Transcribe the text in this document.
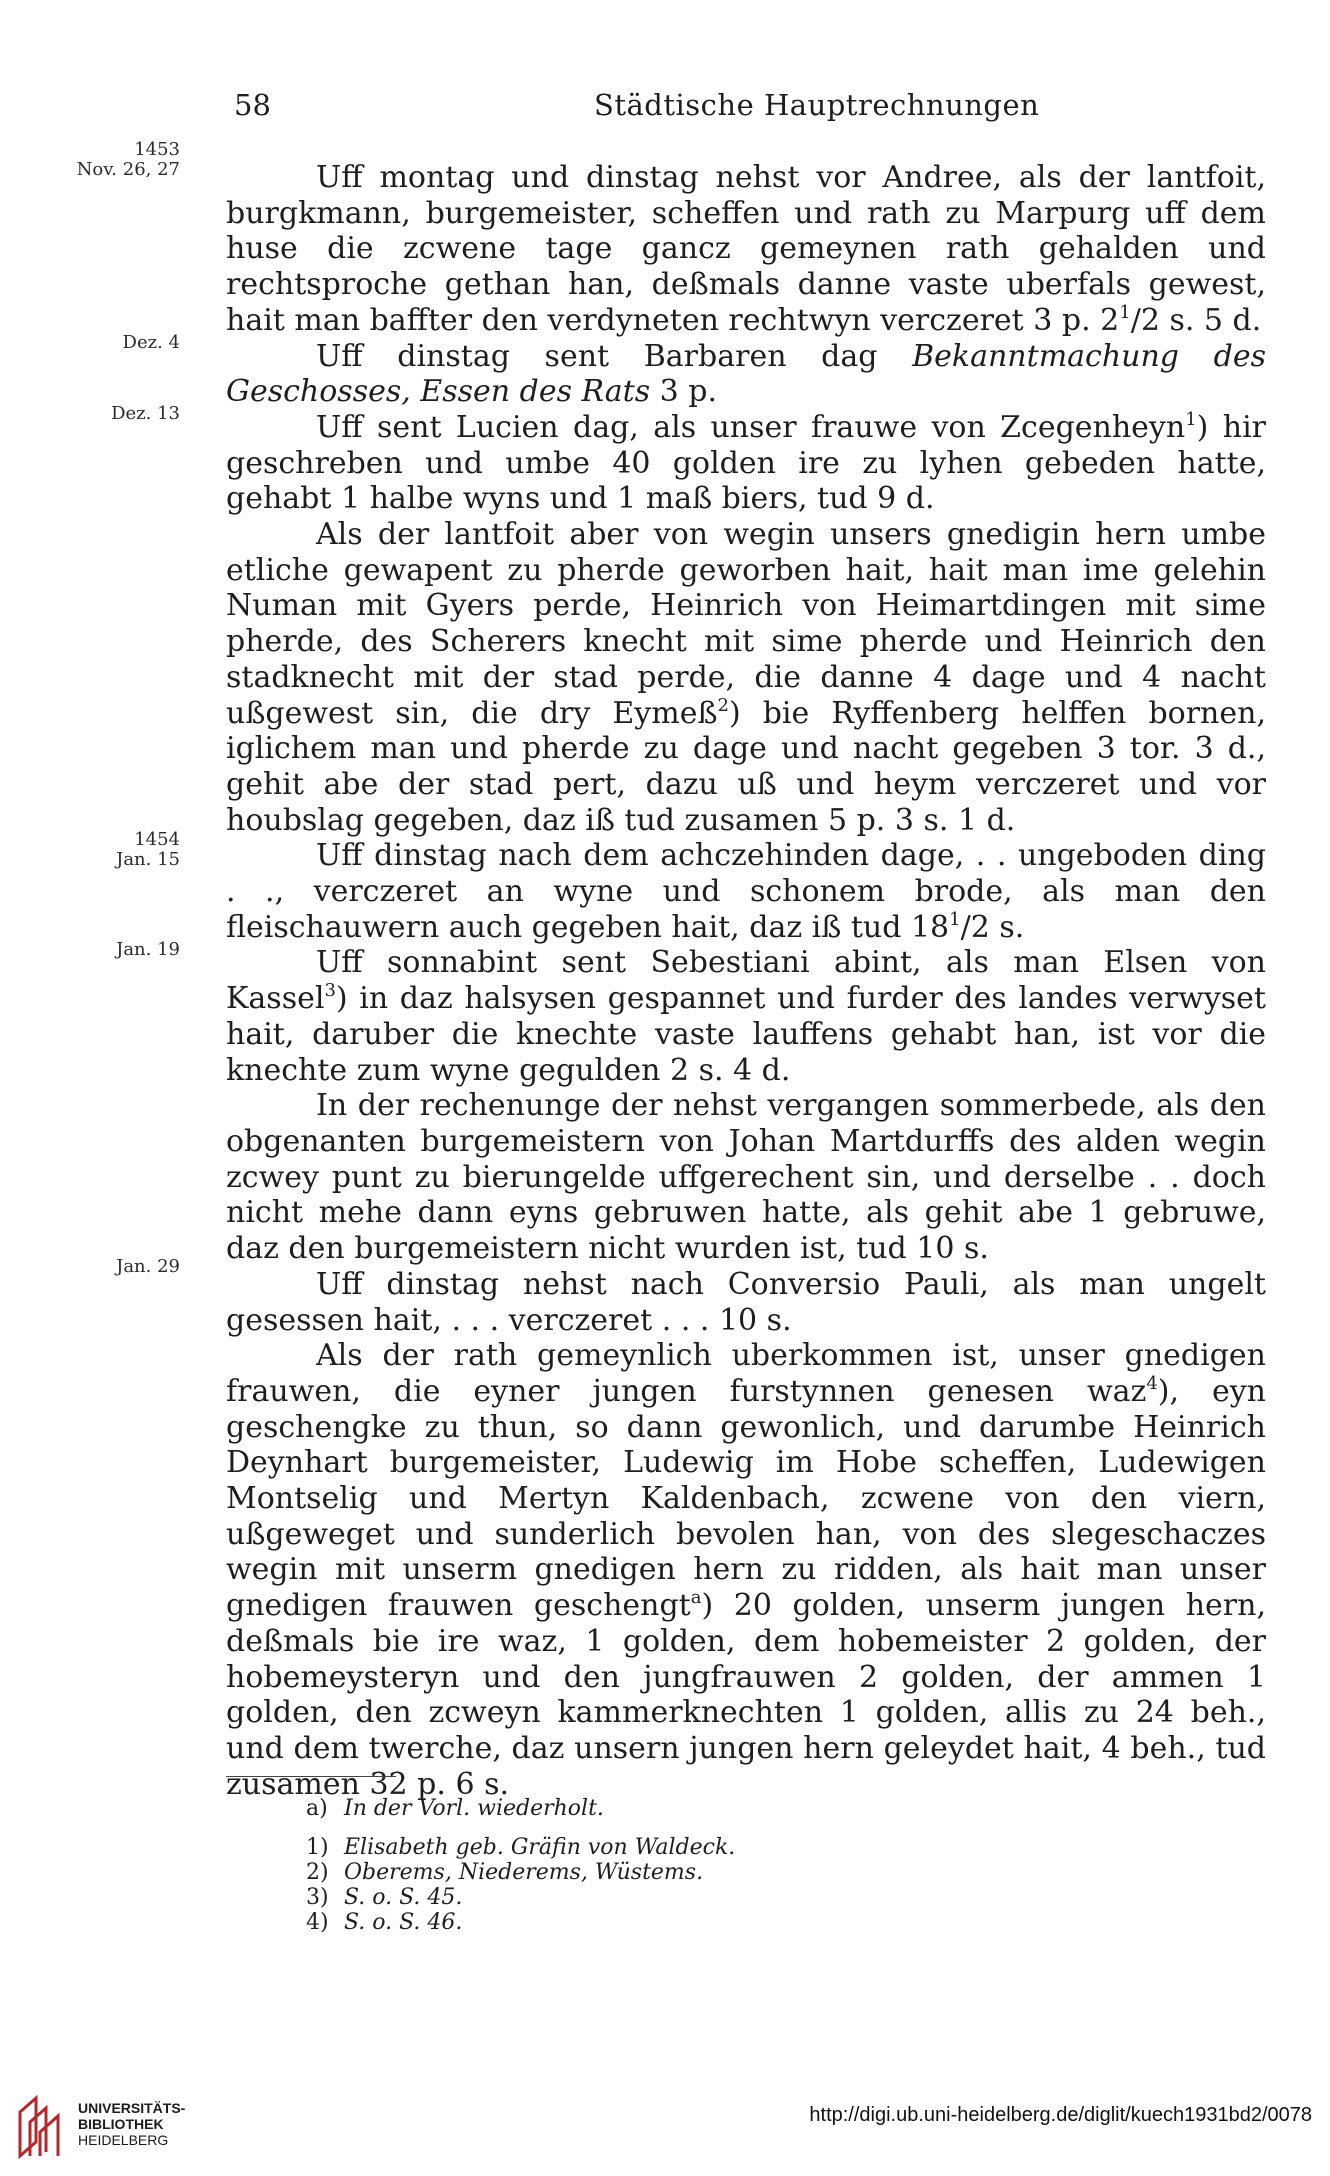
58	Städtische Hauptrechnungen
1453
Nov. 26, 27
Dez. 4
Dez. 13
1454
Jan. 15
Jan. 19
Jan. 29

Uff montag und dinstag nehst vor Andree, als der lantfoit, burgkmann, burgemeister, scheffen und rath zu Marpurg uff dem huse die zcwene tage gancz gemeynen rath gehalden und rechtsproche gethan han, deßmals danne vaste uberfals gewest, hait man baffter den verdyneten rechtwyn verczeret 3 p. $2^1/2$ s. 5 d.

Uff dinstag sent Barbaren dag Bekanntmachung des Geschosses, Essen des Rats 3 p.

Uff sent Lucien dag, als unser frauwe von Zcegenheyn$^1$) hir geschreben und umbe 40 golden ire zu lyhen gebeden hatte, gehabt 1 halbe wyns und 1 maß biers, tud 9 d.

Als der lantfoit aber von wegin unsers gnedigin hern umbe etliche gewapent zu pherde geworben hait, hait man ime gelehin Numan mit Gyers perde, Heinrich von Heimartdingen mit sime pherde, des Scherers knecht mit sime pherde und Heinrich den stadknecht mit der stad perde, die danne 4 dage und 4 nacht ußgewest sin, die dry Eymeß$^2$) bie Ryffenberg helffen bornen, iglichem man und pherde zu dage und nacht gegeben 3 tor. 3 d., gehit abe der stad pert, dazu uß und heym verczeret und vor houbslag gegeben, daz iß tud zusamen 5 p. 3 s. 1 d.

Uff dinstag nach dem achczehinden dage, . . ungeboden ding . ., verczeret an wyne und schonem brode, als man den fleischauwern auch gegeben hait, daz iß tud $18^1/2$ s.

Uff sonnabint sent Sebestiani abint, als man Elsen von Kassel$^3$) in daz halsysen gespannet und furder des landes verwyset hait, daruber die knechte vaste lauffens gehabt han, ist vor die knechte zum wyne gegulden 2 s. 4 d.

In der rechenunge der nehst vergangen sommerbede, als den obgenanten burgemeistern von Johan Martdurffs des alden wegin zcwey punt zu bierungelde uffgerechent sin, und derselbe . . doch nicht mehe dann eyns gebruwen hatte, als gehit abe 1 gebruwe, daz den burgemeistern nicht wurden ist, tud 10 s.

Uff dinstag nehst nach Conversio Pauli, als man ungelt gesessen hait, . . . verczeret . . . 10 s.

Als der rath gemeynlich uberkommen ist, unser gnedigen frauwen, die eyner jungen furstynnen genesen waz$^4$), eyn geschengke zu thun, so dann gewonlich, und darumbe Heinrich Deynhart burgemeister, Ludewig im Hobe scheffen, Ludewigen Montselig und Mertyn Kaldenbach, zcwene von den viern, ußgeweget und sunderlich bevolen han, von des slegeschaczes wegin mit unserm gnedigen hern zu ridden, als hait man unser gnedigen frauwen geschengt$^a$) 20 golden, unserm jungen hern, deßmals bie ire waz, 1 golden, dem hobemeister 2 golden, der hobemeysteryn und den jungfrauwen 2 golden, der ammen 1 golden, den zcweyn kammerknechten 1 golden, allis zu 24 beh., und dem twerche, daz unsern jungen hern geleydet hait, 4 beh., tud zusamen 32 p. 6 s.

a) In der Vorl. wiederholt.
1) Elisabeth geb. Gräfin von Waldeck.
2) Oberems, Niederems, Wüstems.
3) S. o. S. 45.
4) S. o. S. 46.
UNIVERSITÄTS-
BIBLIOTHEK
HEIDELBERG
http://digi.ub.uni-heidelberg.de/diglit/kuech1931bd2/0078
